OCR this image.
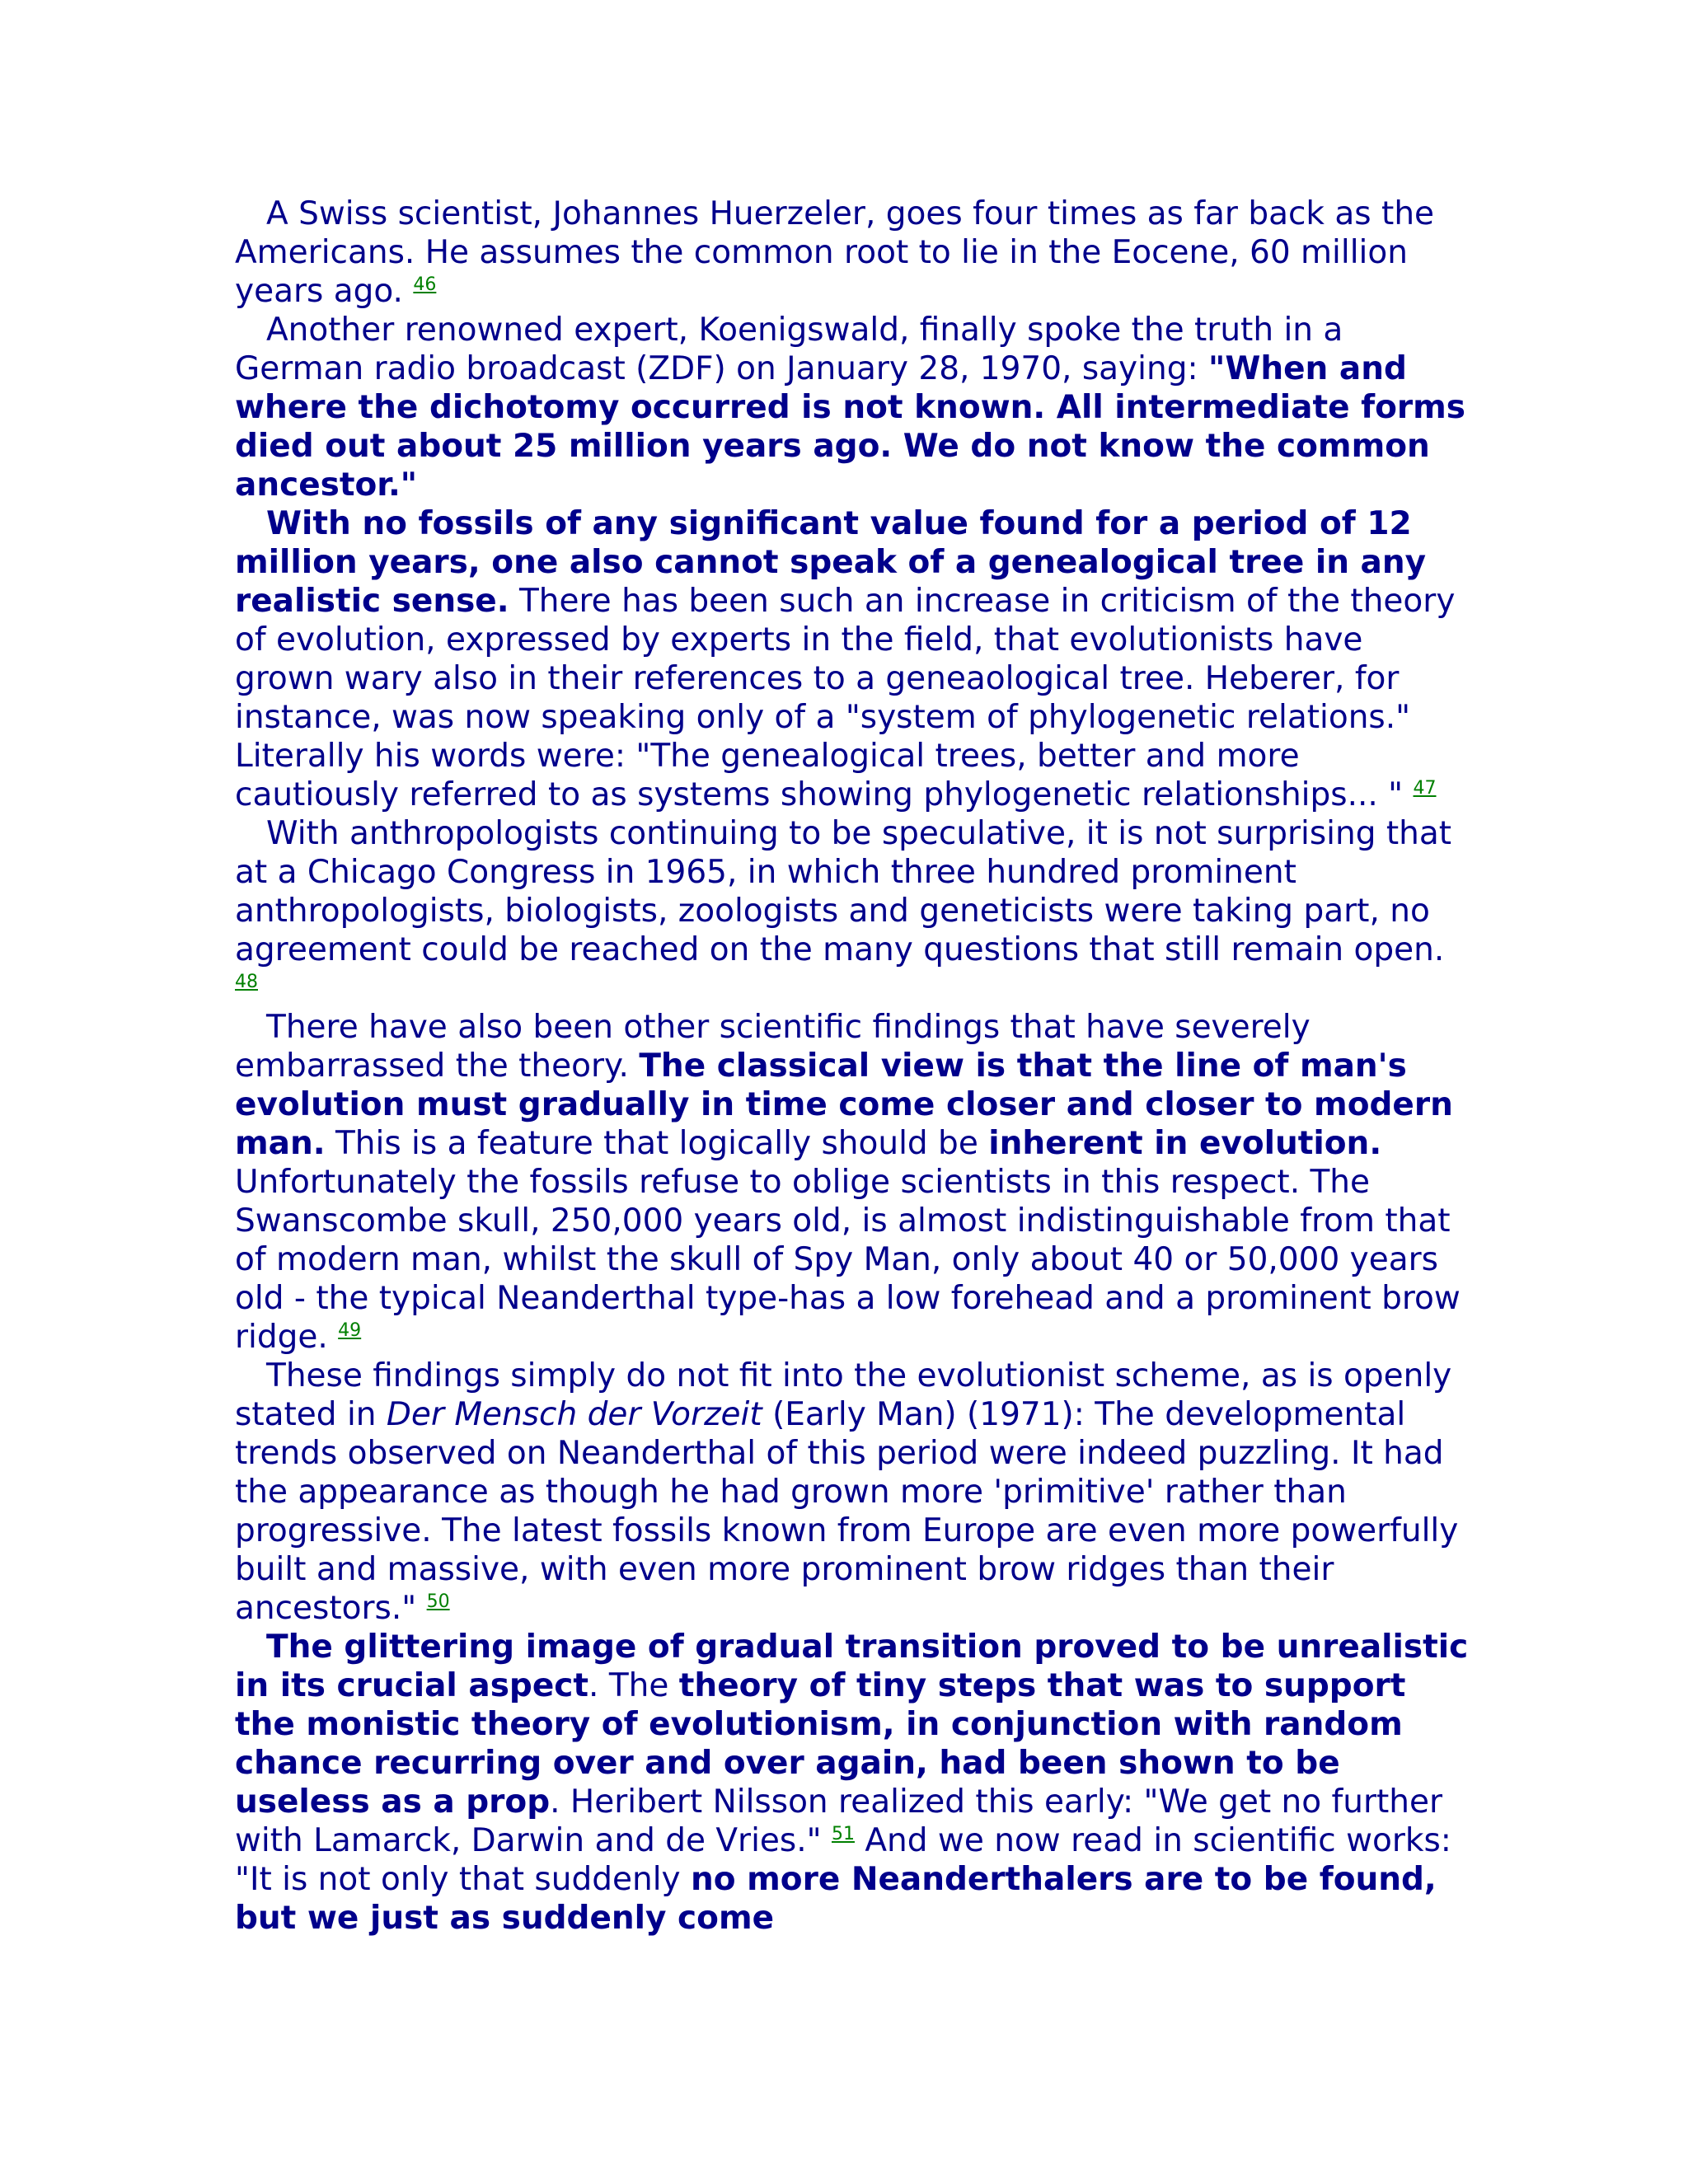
A Swiss scientist, Johannes Huerzeler, goes four times as far back as the Americans. He assumes the common root to lie in the Eocene, 60 million years ago. $^{46}$

Another renowned expert, Koenigswald, finally spoke the truth in a German radio broadcast (ZDF) on January 28, 1970, saying: "When and where the dichotomy occurred is not known. All intermediate forms died out about 25 million years ago. We do not know the common ancestor."

With no fossils of any significant value found for a period of 12 million years, one also cannot speak of a genealogical tree in any realistic sense. There has been such an increase in criticism of the theory of evolution, expressed by experts in the field, that evolutionists have grown wary also in their references to a geneaological tree. Heberer, for instance, was now speaking only of a "system of phylogenetic relations." Literally his words were: "The genealogical trees, better and more cautiously referred to as systems showing phylogenetic relationships... " $^{47}$

With anthropologists continuing to be speculative, it is not surprising that at a Chicago Congress in 1965, in which three hundred prominent anthropologists, biologists, zoologists and geneticists were taking part, no agreement could be reached on the many questions that still remain open. $^{48}$

There have also been other scientific findings that have severely embarrassed the theory. The classical view is that the line of man's evolution must gradually in time come closer and closer to modern man. This is a feature that logically should be inherent in evolution. Unfortunately the fossils refuse to oblige scientists in this respect. The Swanscombe skull, 250,000 years old, is almost indistinguishable from that of modern man, whilst the skull of Spy Man, only about 40 or 50,000 years old - the typical Neanderthal type-has a low forehead and a prominent brow ridge. $^{49}$

These findings simply do not fit into the evolutionist scheme, as is openly stated in Der Mensch der Vorzeit (Early Man) (1971): The developmental trends observed on Neanderthal of this period were indeed puzzling. It had the appearance as though he had grown more 'primitive' rather than progressive. The latest fossils known from Europe are even more powerfully built and massive, with even more prominent brow ridges than their ancestors." $^{50}$

The glittering image of gradual transition proved to be unrealistic in its crucial aspect. The theory of tiny steps that was to support the monistic theory of evolutionism, in conjunction with random chance recurring over and over again, had been shown to be useless as a prop. Heribert Nilsson realized this early: "We get no further with Lamarck, Darwin and de Vries." $^{51}$ And we now read in scientific works: "It is not only that suddenly no more Neanderthalers are to be found, but we just as suddenly come
